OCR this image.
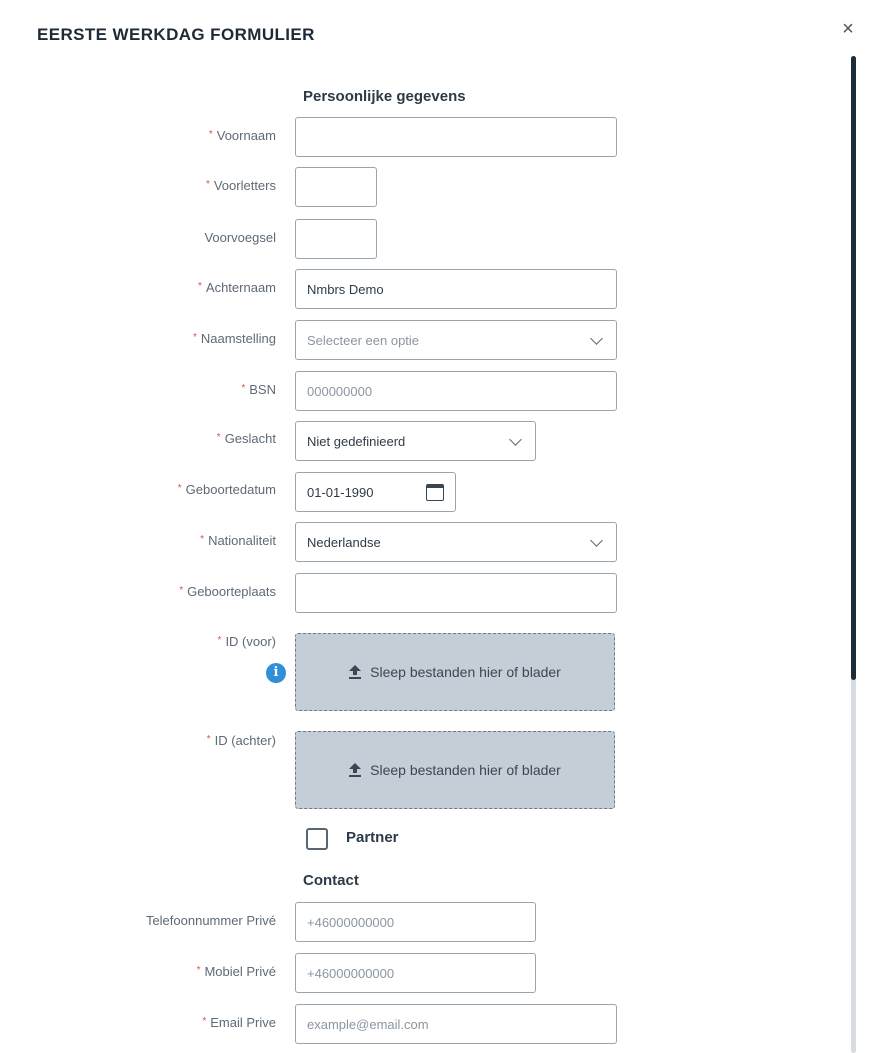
EERSTE WERKDAG FORMULIER	×
Persoonlijke gegevens
* Voornaam
* Voorletters
Voorvoegsel
* Achternaam
Nmbrs Demo
* Naamstelling Selecteer een optie
* BSN
000000000
* Geslacht Niet gedefinieerd
* Geboortedatum 01-01-1990
* Nationaliteit Nederlandse
* Geboorteplaats
* ID (voor)
i	Sleep bestanden hier of blader
* ID (achter)
Sleep bestanden hier of blader
Partner
Contact
Telefoonnummer Privé
+46000000000
* Mobiel Privé
+46000000000
* Email Prive
example@email.com
